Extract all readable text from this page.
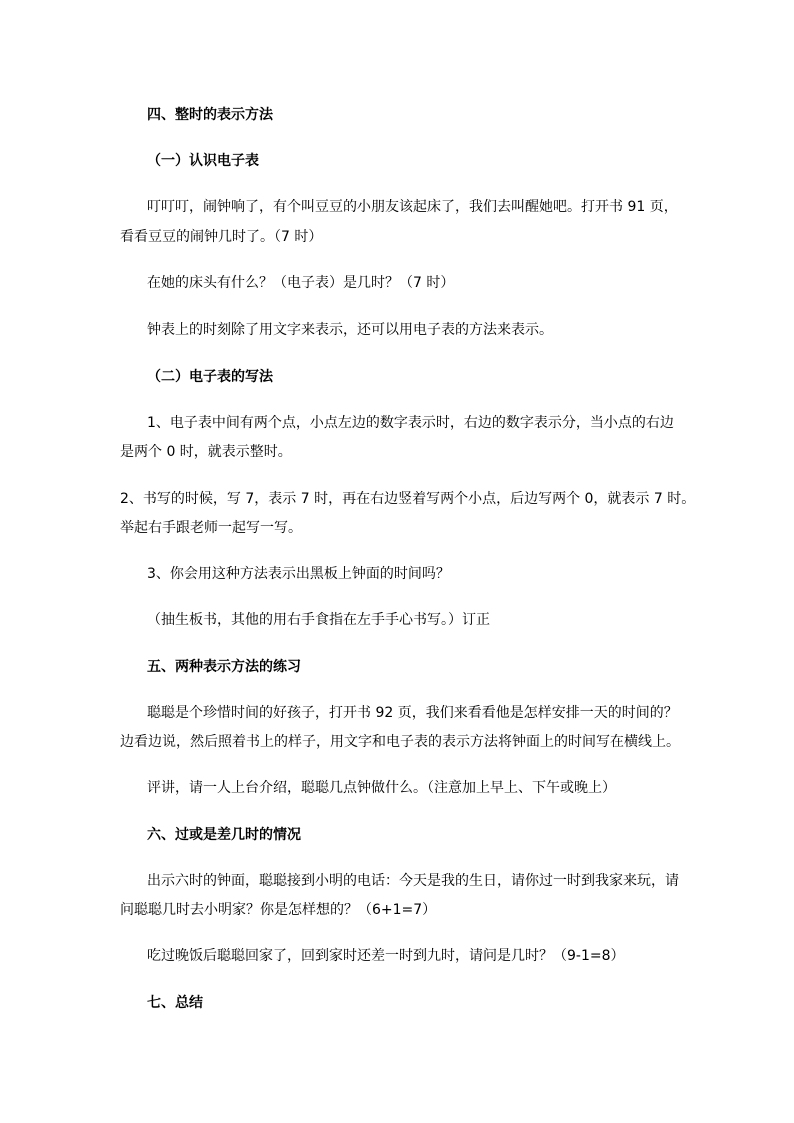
四、整时的表示方法
（一）认识电子表
叮叮叮，闹钟响了，有个叫豆豆的小朋友该起床了，我们去叫醒她吧。打开书 91 页，
看看豆豆的闹钟几时了。（7 时）
在她的床头有什么？（电子表）是几时？（7 时）
钟表上的时刻除了用文字来表示，还可以用电子表的方法来表示。
（二）电子表的写法
1、电子表中间有两个点，小点左边的数字表示时，右边的数字表示分，当小点的右边
是两个 0 时，就表示整时。
2、书写的时候，写 7，表示 7 时，再在右边竖着写两个小点，后边写两个 0，就表示 7 时。
举起右手跟老师一起写一写。
3、你会用这种方法表示出黑板上钟面的时间吗？
（抽生板书，其他的用右手食指在左手手心书写。）订正
五、两种表示方法的练习
聪聪是个珍惜时间的好孩子，打开书 92 页，我们来看看他是怎样安排一天的时间的？
边看边说，然后照着书上的样子，用文字和电子表的表示方法将钟面上的时间写在横线上。
评讲，请一人上台介绍，聪聪几点钟做什么。（注意加上早上、下午或晚上）
六、过或是差几时的情况
出示六时的钟面，聪聪接到小明的电话：今天是我的生日，请你过一时到我家来玩，请
问聪聪几时去小明家？你是怎样想的？（6+1=7）
吃过晚饭后聪聪回家了，回到家时还差一时到九时，请问是几时？（9-1=8）
七、总结
